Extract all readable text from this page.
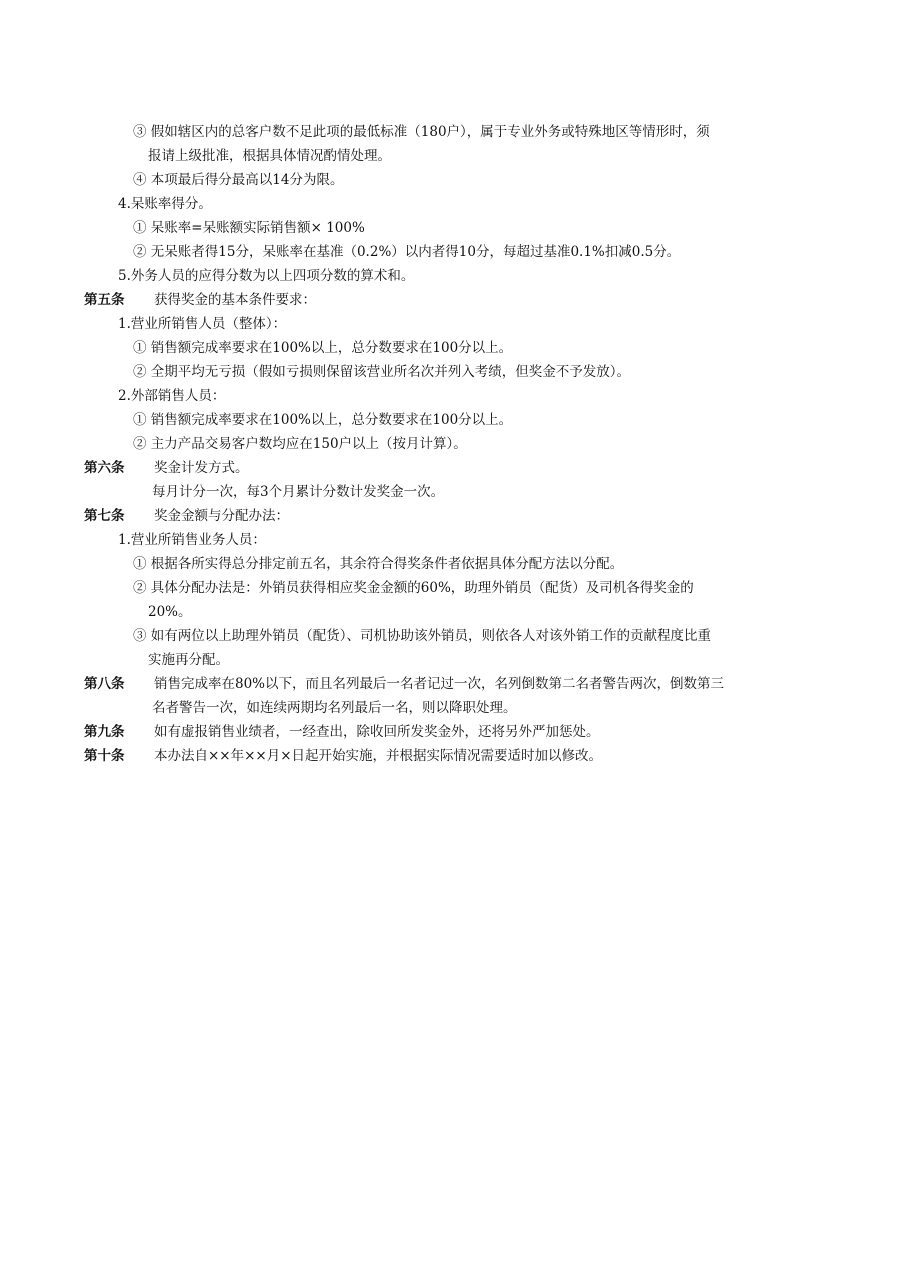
③ 假如辖区内的总客户数不足此项的最低标准（180户），属于专业外务或特殊地区等情形时，须
报请上级批准，根据具体情况酌情处理。
④ 本项最后得分最高以14分为限。
4.呆账率得分。
① 呆账率=呆账额实际销售额× 100%
② 无呆账者得15分，呆账率在基准（0.2%）以内者得10分，每超过基准0.1%扣减0.5分。
5.外务人员的应得分数为以上四项分数的算术和。
第五条 获得奖金的基本条件要求：
1.营业所销售人员（整体）：
① 销售额完成率要求在100%以上，总分数要求在100分以上。
② 全期平均无亏损（假如亏损则保留该营业所名次并列入考绩，但奖金不予发放）。
2.外部销售人员：
① 销售额完成率要求在100%以上，总分数要求在100分以上。
② 主力产品交易客户数均应在150户以上（按月计算）。
第六条 奖金计发方式。
每月计分一次，每3个月累计分数计发奖金一次。
第七条 奖金金额与分配办法：
1.营业所销售业务人员：
① 根据各所实得总分排定前五名，其余符合得奖条件者依据具体分配方法以分配。
② 具体分配办法是：外销员获得相应奖金金额的60%，助理外销员（配货）及司机各得奖金的
20%。
③ 如有两位以上助理外销员（配货）、司机协助该外销员，则依各人对该外销工作的贡献程度比重
实施再分配。
第八条 销售完成率在80%以下，而且名列最后一名者记过一次，名列倒数第二名者警告两次，倒数第三
名者警告一次，如连续两期均名列最后一名，则以降职处理。
第九条 如有虚报销售业绩者，一经查出，除收回所发奖金外，还将另外严加惩处。
第十条 本办法自××年××月×日起开始实施，并根据实际情况需要适时加以修改。
